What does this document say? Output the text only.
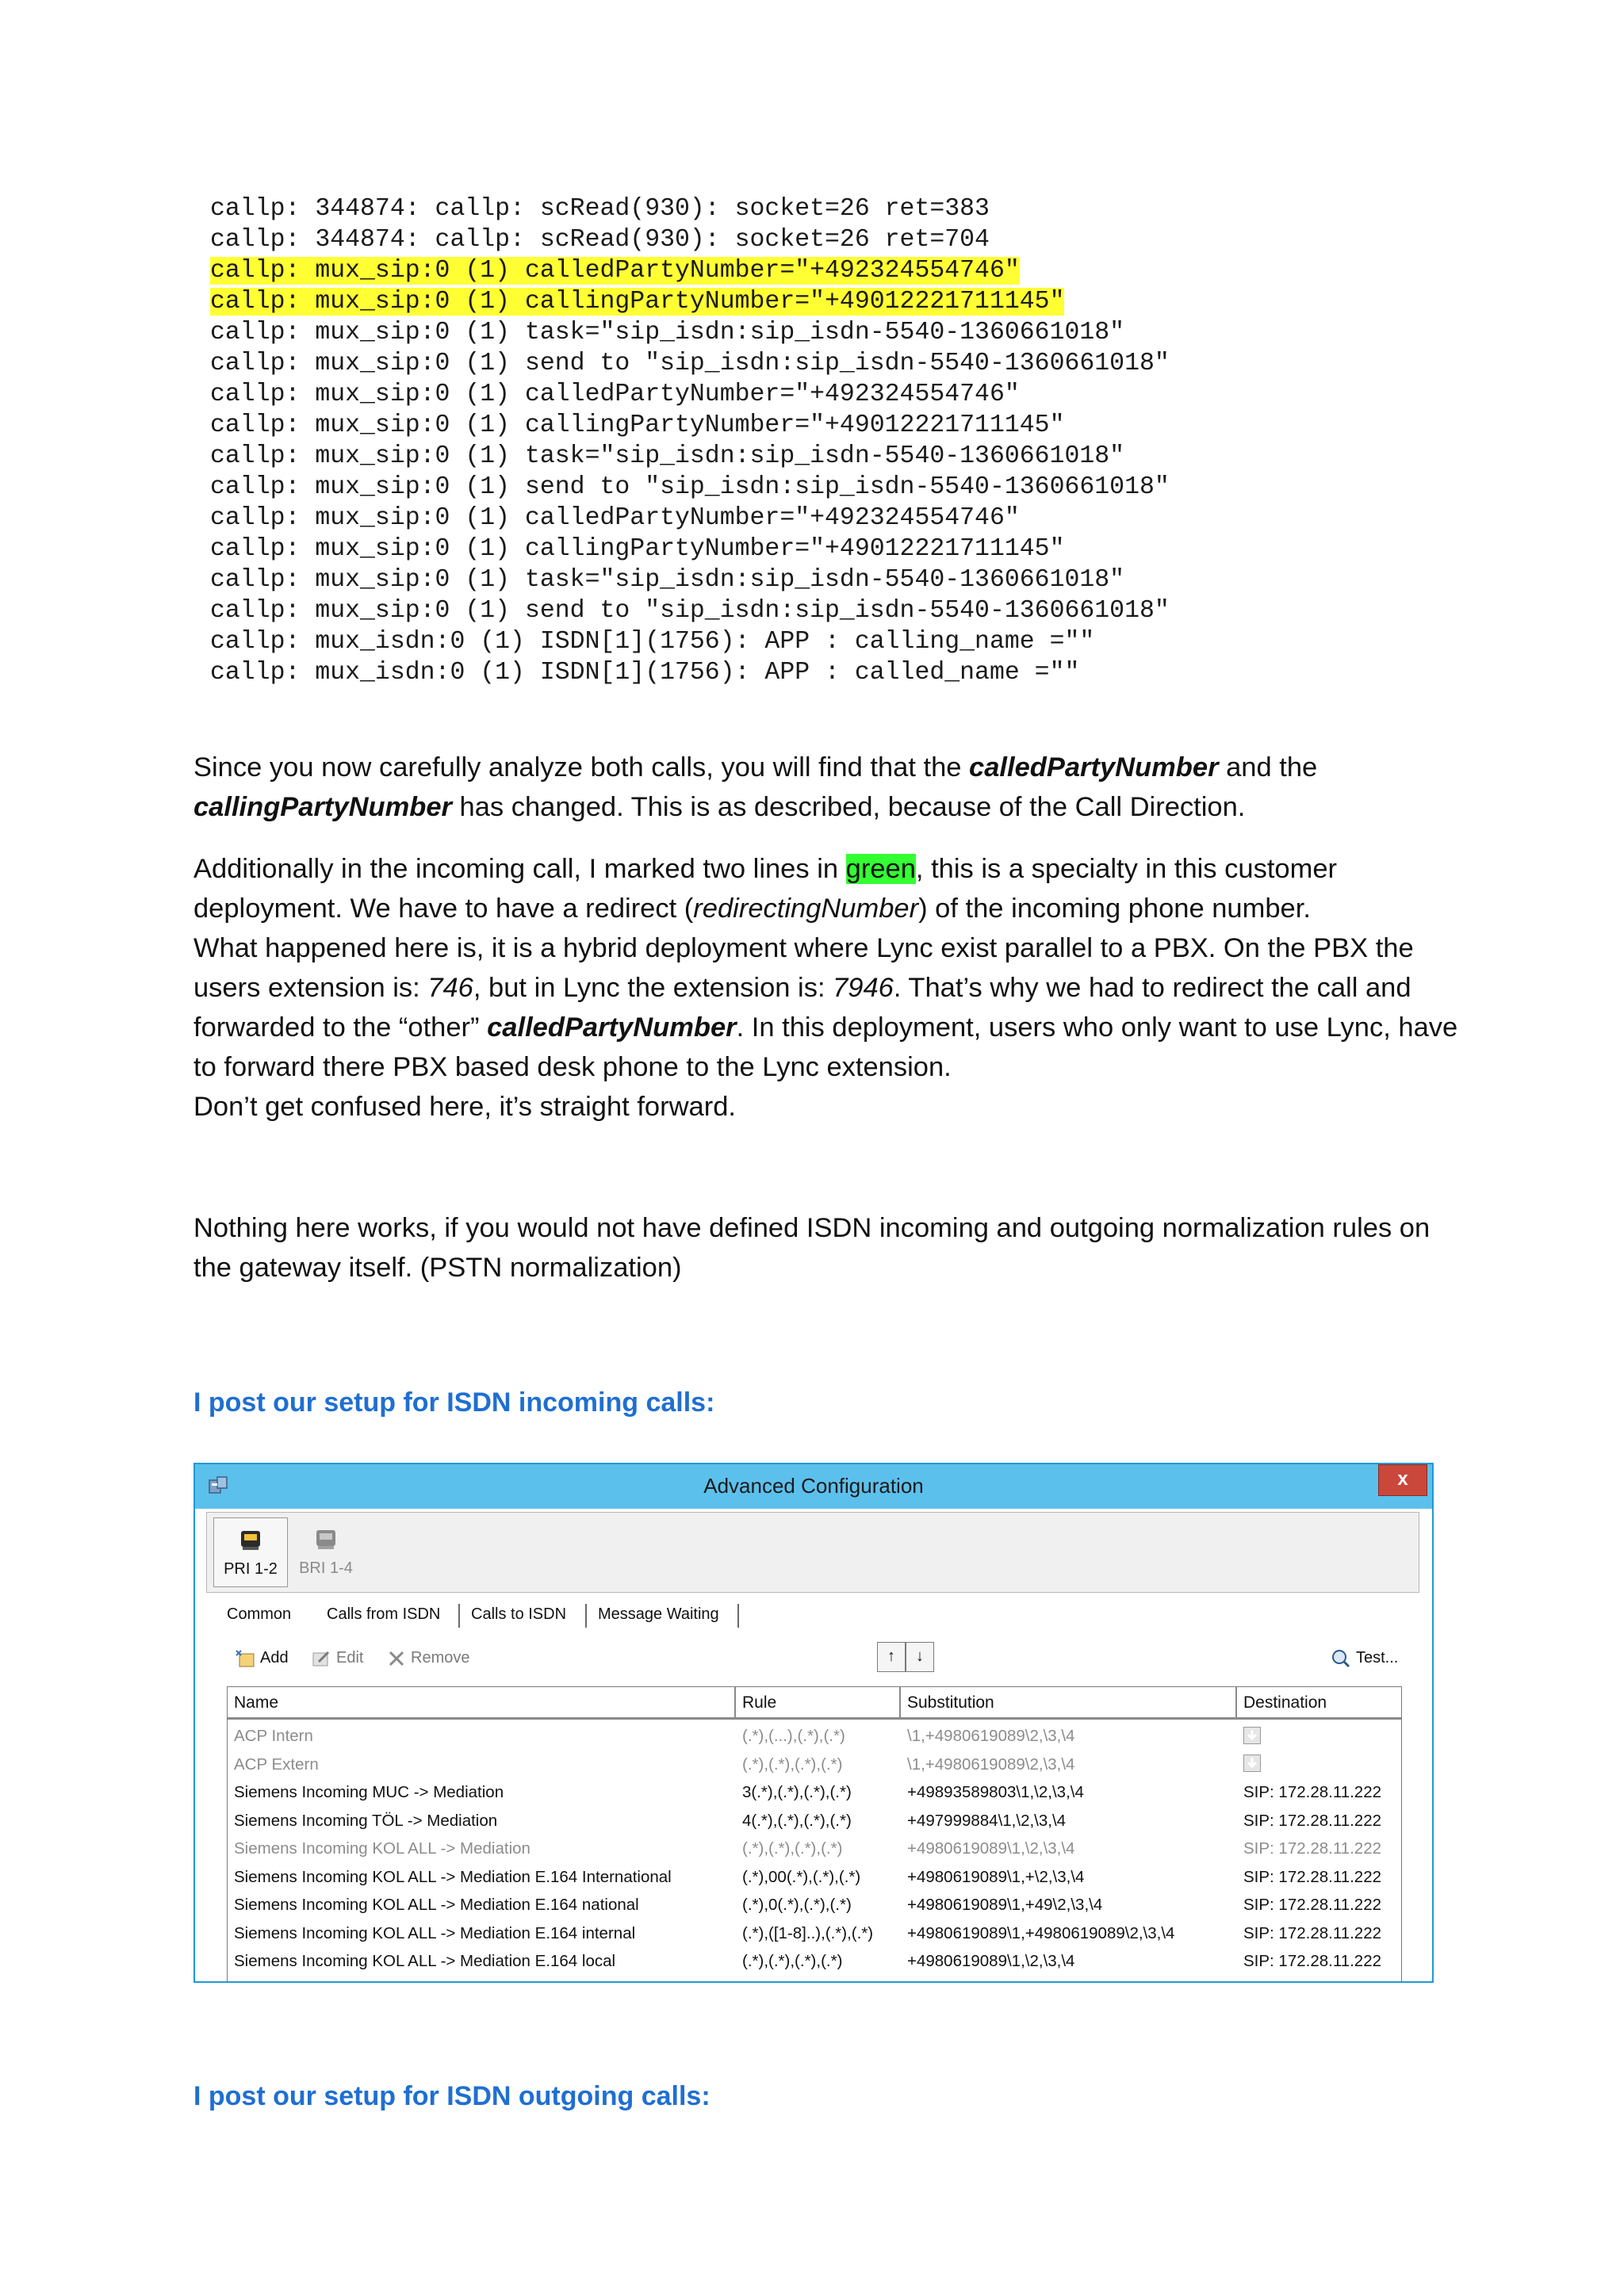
callp: 344874: callp: scRead(930): socket=26 ret=383
callp: 344874: callp: scRead(930): socket=26 ret=704
callp: mux_sip:0 (1) calledPartyNumber="+492324554746"
callp: mux_sip:0 (1) callingPartyNumber="+49012221711145"
callp: mux_sip:0 (1) task="sip_isdn:sip_isdn-5540-1360661018"
callp: mux_sip:0 (1) send to "sip_isdn:sip_isdn-5540-1360661018"
callp: mux_sip:0 (1) calledPartyNumber="+492324554746"
callp: mux_sip:0 (1) callingPartyNumber="+49012221711145"
callp: mux_sip:0 (1) task="sip_isdn:sip_isdn-5540-1360661018"
callp: mux_sip:0 (1) send to "sip_isdn:sip_isdn-5540-1360661018"
callp: mux_sip:0 (1) calledPartyNumber="+492324554746"
callp: mux_sip:0 (1) callingPartyNumber="+49012221711145"
callp: mux_sip:0 (1) task="sip_isdn:sip_isdn-5540-1360661018"
callp: mux_sip:0 (1) send to "sip_isdn:sip_isdn-5540-1360661018"
callp: mux_isdn:0 (1) ISDN[1](1756): APP : calling_name =""
callp: mux_isdn:0 (1) ISDN[1](1756): APP : called_name =""

Since you now carefully analyze both calls, you will find that the calledPartyNumber and the callingPartyNumber has changed. This is as described, because of the Call Direction.

Additionally in the incoming call, I marked two lines in green, this is a specialty in this customer deployment. We have to have a redirect (redirectingNumber) of the incoming phone number.

What happened here is, it is a hybrid deployment where Lync exist parallel to a PBX. On the PBX the users extension is: 746, but in Lync the extension is: 7946. That’s why we had to redirect the call and forwarded to the “other” calledPartyNumber. In this deployment, users who only want to use Lync, have to forward there PBX based desk phone to the Lync extension.

Don’t get confused here, it’s straight forward.

Nothing here works, if you would not have defined ISDN incoming and outgoing normalization rules on the gateway itself. (PSTN normalization)

I post our setup for ISDN incoming calls:
Advanced Configuration	x
PRI 1-2	BRI 1-4
Common Calls from ISDN Calls to ISDN Message Waiting
Add	Edit	Remove	↑	↓	Test...
Name	Rule	Substitution	Destination
ACP Intern	(.*),(...),(.*),(.*)	\1,+4980619089\2,\3,\4
ACP Extern	(.*),(.*),(.*),(.*)	\1,+4980619089\2,\3,\4
Siemens Incoming MUC -> Mediation	3(.*),(.*),(.*),(.*)	+49893589803\1,\2,\3,\4	SIP: 172.28.11.222
Siemens Incoming TÖL -> Mediation	4(.*),(.*),(.*),(.*)	+497999884\1,\2,\3,\4	SIP: 172.28.11.222
Siemens Incoming KOL ALL -> Mediation	(.*),(.*),(.*),(.*)	+4980619089\1,\2,\3,\4	SIP: 172.28.11.222
Siemens Incoming KOL ALL -> Mediation E.164 International	(.*),00(.*),(.*),(.*)	+4980619089\1,+\2,\3,\4	SIP: 172.28.11.222
Siemens Incoming KOL ALL -> Mediation E.164 national	(.*),0(.*),(.*),(.*)	+4980619089\1,+49\2,\3,\4	SIP: 172.28.11.222
Siemens Incoming KOL ALL -> Mediation E.164 internal	(.*),([1-8]..),(.*),(.*)	+4980619089\1,+4980619089\2,\3,\4	SIP: 172.28.11.222
Siemens Incoming KOL ALL -> Mediation E.164 local	(.*),(.*),(.*),(.*)	+4980619089\1,\2,\3,\4	SIP: 172.28.11.222
I post our setup for ISDN outgoing calls:
